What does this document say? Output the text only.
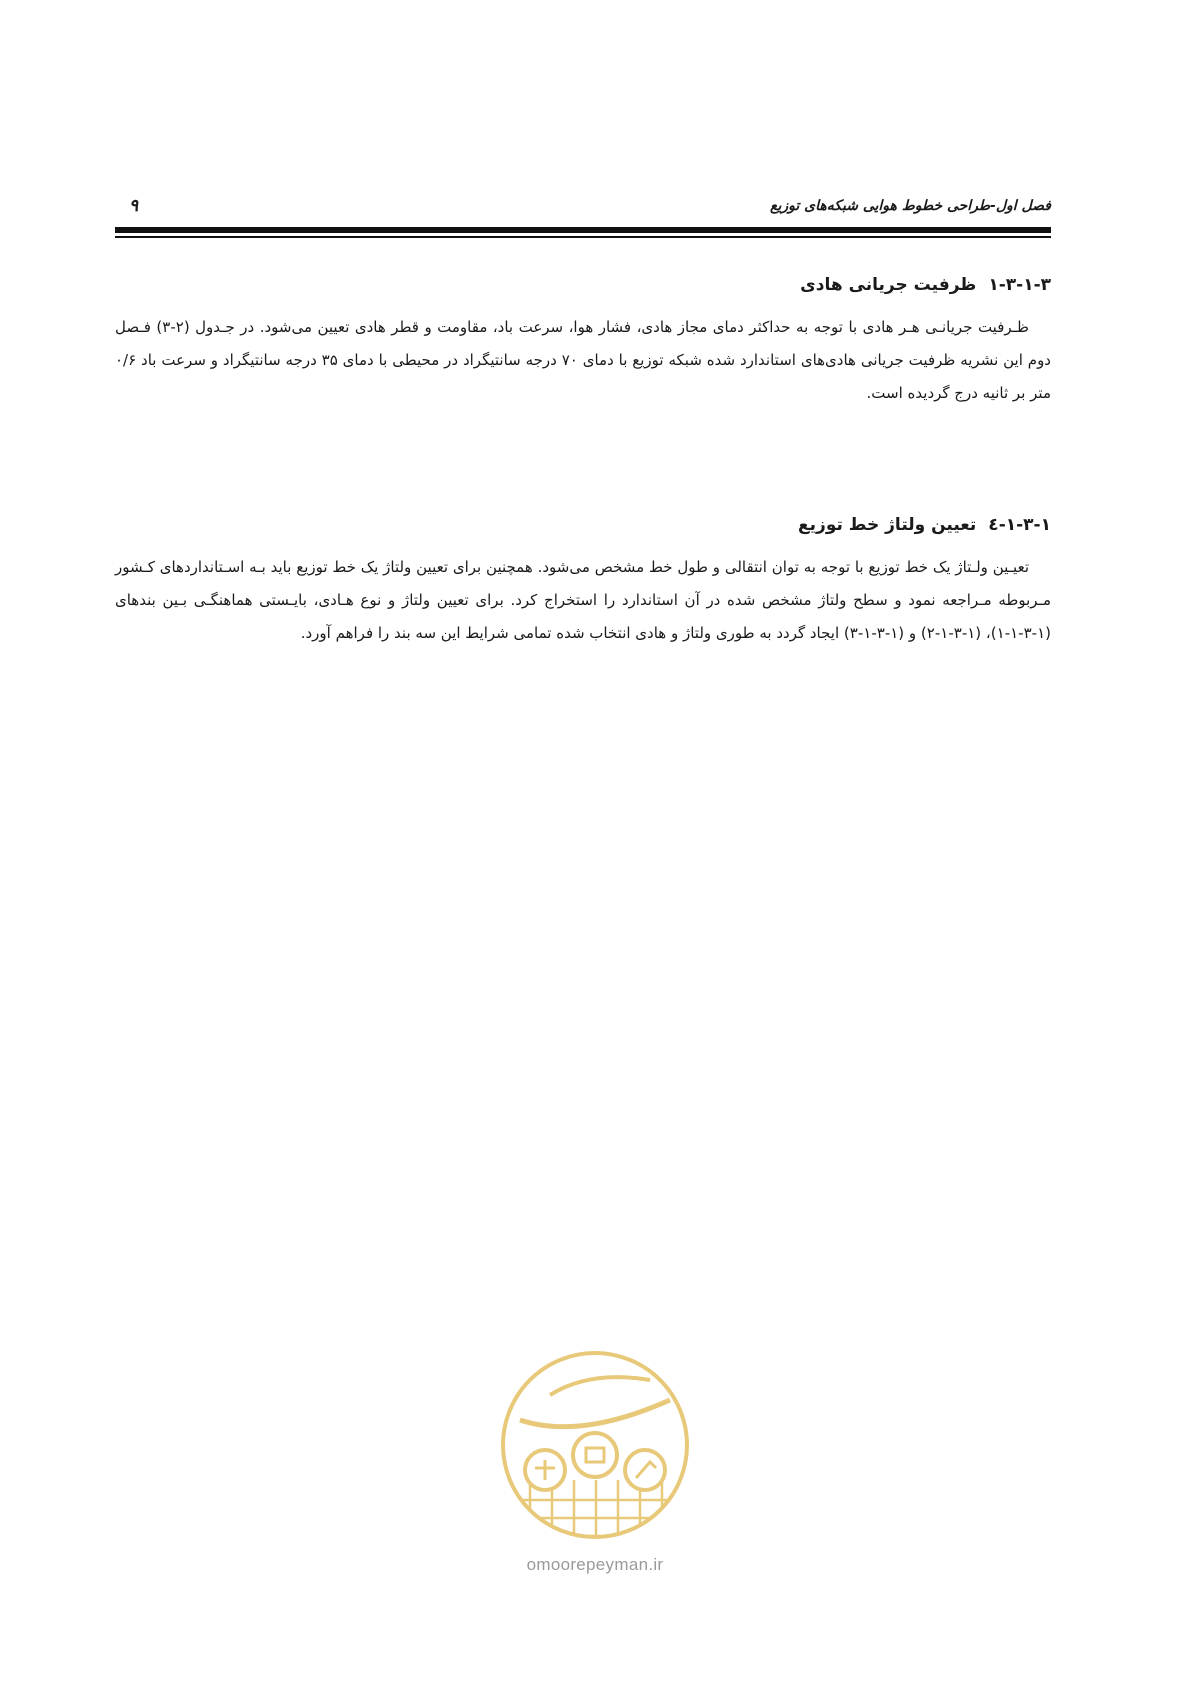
۹	فصل اول-طراحی خطوط هوایی شبکه‌های توزیع
۱-۳-۱-۳
ظرفیت جریانی هادی

ظـرفیت جریانـی هـر هادی با توجه به حداکثر دمای مجاز هادی، فشار هوا، سرعت باد، مقاومت و قطر هادی تعیین می‌شود. در جـدول (۲-۳) فـصل دوم این نشریه ظرفیت جریانی هادی‌های استاندارد شده شبکه توزیع با دمای ۷۰ درجه سانتیگراد در محیطی با دمای ۳۵ درجه سانتیگراد و سرعت باد ۰/۶ متر بر ثانیه درج گردیده است.

۱-۳-۱-٤
تعیین ولتاژ خط توزیع

تعیـین ولـتاژ یک خط توزیع با توجه به توان انتقالی و طول خط مشخص می‌شود. همچنین برای تعیین ولتاژ یک خط توزیع باید بـه اسـتانداردهای کـشور مـربوطه مـراجعه نمود و سطح ولتاژ مشخص شده در آن استاندارد را استخراج کرد. برای تعیین ولتاژ و نوع هـادی، بایـستی هماهنگـی بـین بندهای (۱-۳-۱-۱)، (۱-۳-۱-۲) و (۱-۳-۱-۳) ایجاد گردد به طوری ولتاژ و هادی انتخاب شده تمامی شرایط این سه بند را فراهم آورد.

omoorepeyman.ir
